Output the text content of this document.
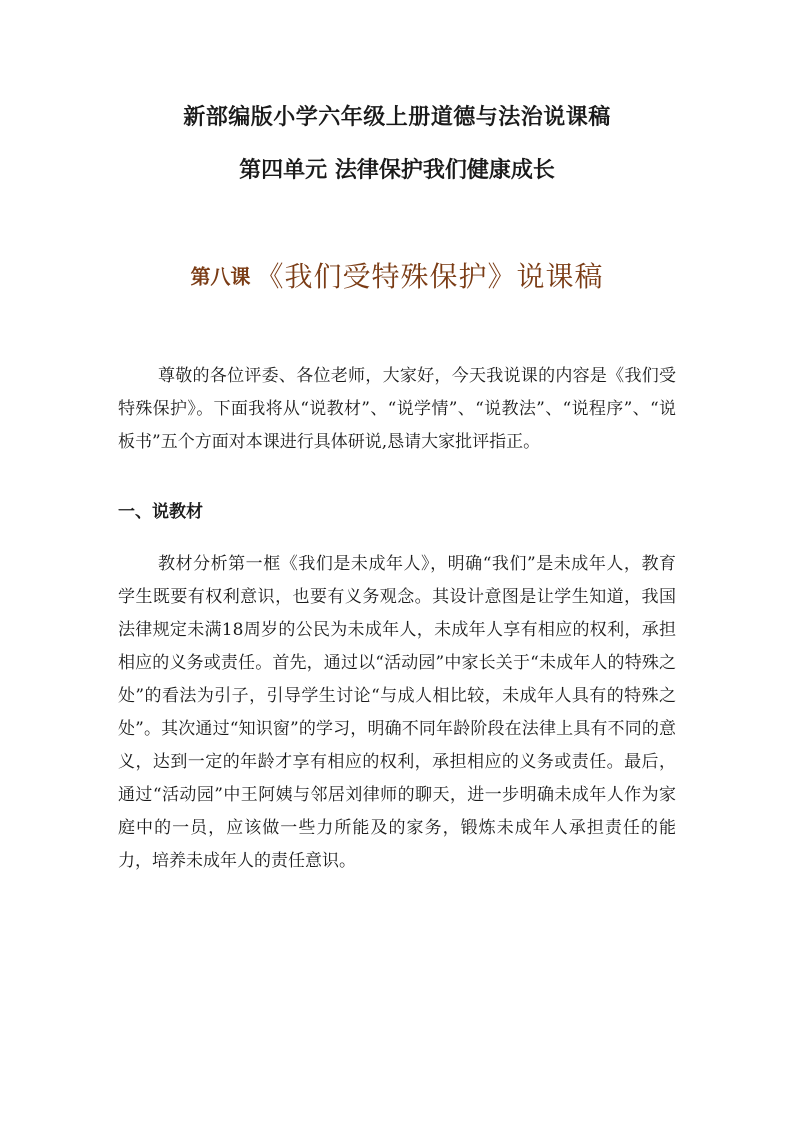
新部编版小学六年级上册道德与法治说课稿
第四单元 法律保护我们健康成长
第八课 《我们受特殊保护》说课稿

尊敬的各位评委、各位老师，大家好，今天我说课的内容是《我们受特殊保护》。下面我将从“说教材”、“说学情”、“说教法”、“说程序”、“说板书”五个方面对本课进行具体研说,恳请大家批评指正。

一、说教材

教材分析第一框《我们是未成年人》，明确“我们”是未成年人，教育学生既要有权利意识，也要有义务观念。其设计意图是让学生知道，我国法律规定未满18周岁的公民为未成年人，未成年人享有相应的权利，承担相应的义务或责任。首先，通过以“活动园”中家长关于“未成年人的特殊之处”的看法为引子，引导学生讨论“与成人相比较，未成年人具有的特殊之处”。其次通过“知识窗”的学习，明确不同年龄阶段在法律上具有不同的意义，达到一定的年龄才享有相应的权利，承担相应的义务或责任。最后，通过“活动园”中王阿姨与邻居刘律师的聊天，进一步明确未成年人作为家庭中的一员，应该做一些力所能及的家务，锻炼未成年人承担责任的能力，培养未成年人的责任意识。
